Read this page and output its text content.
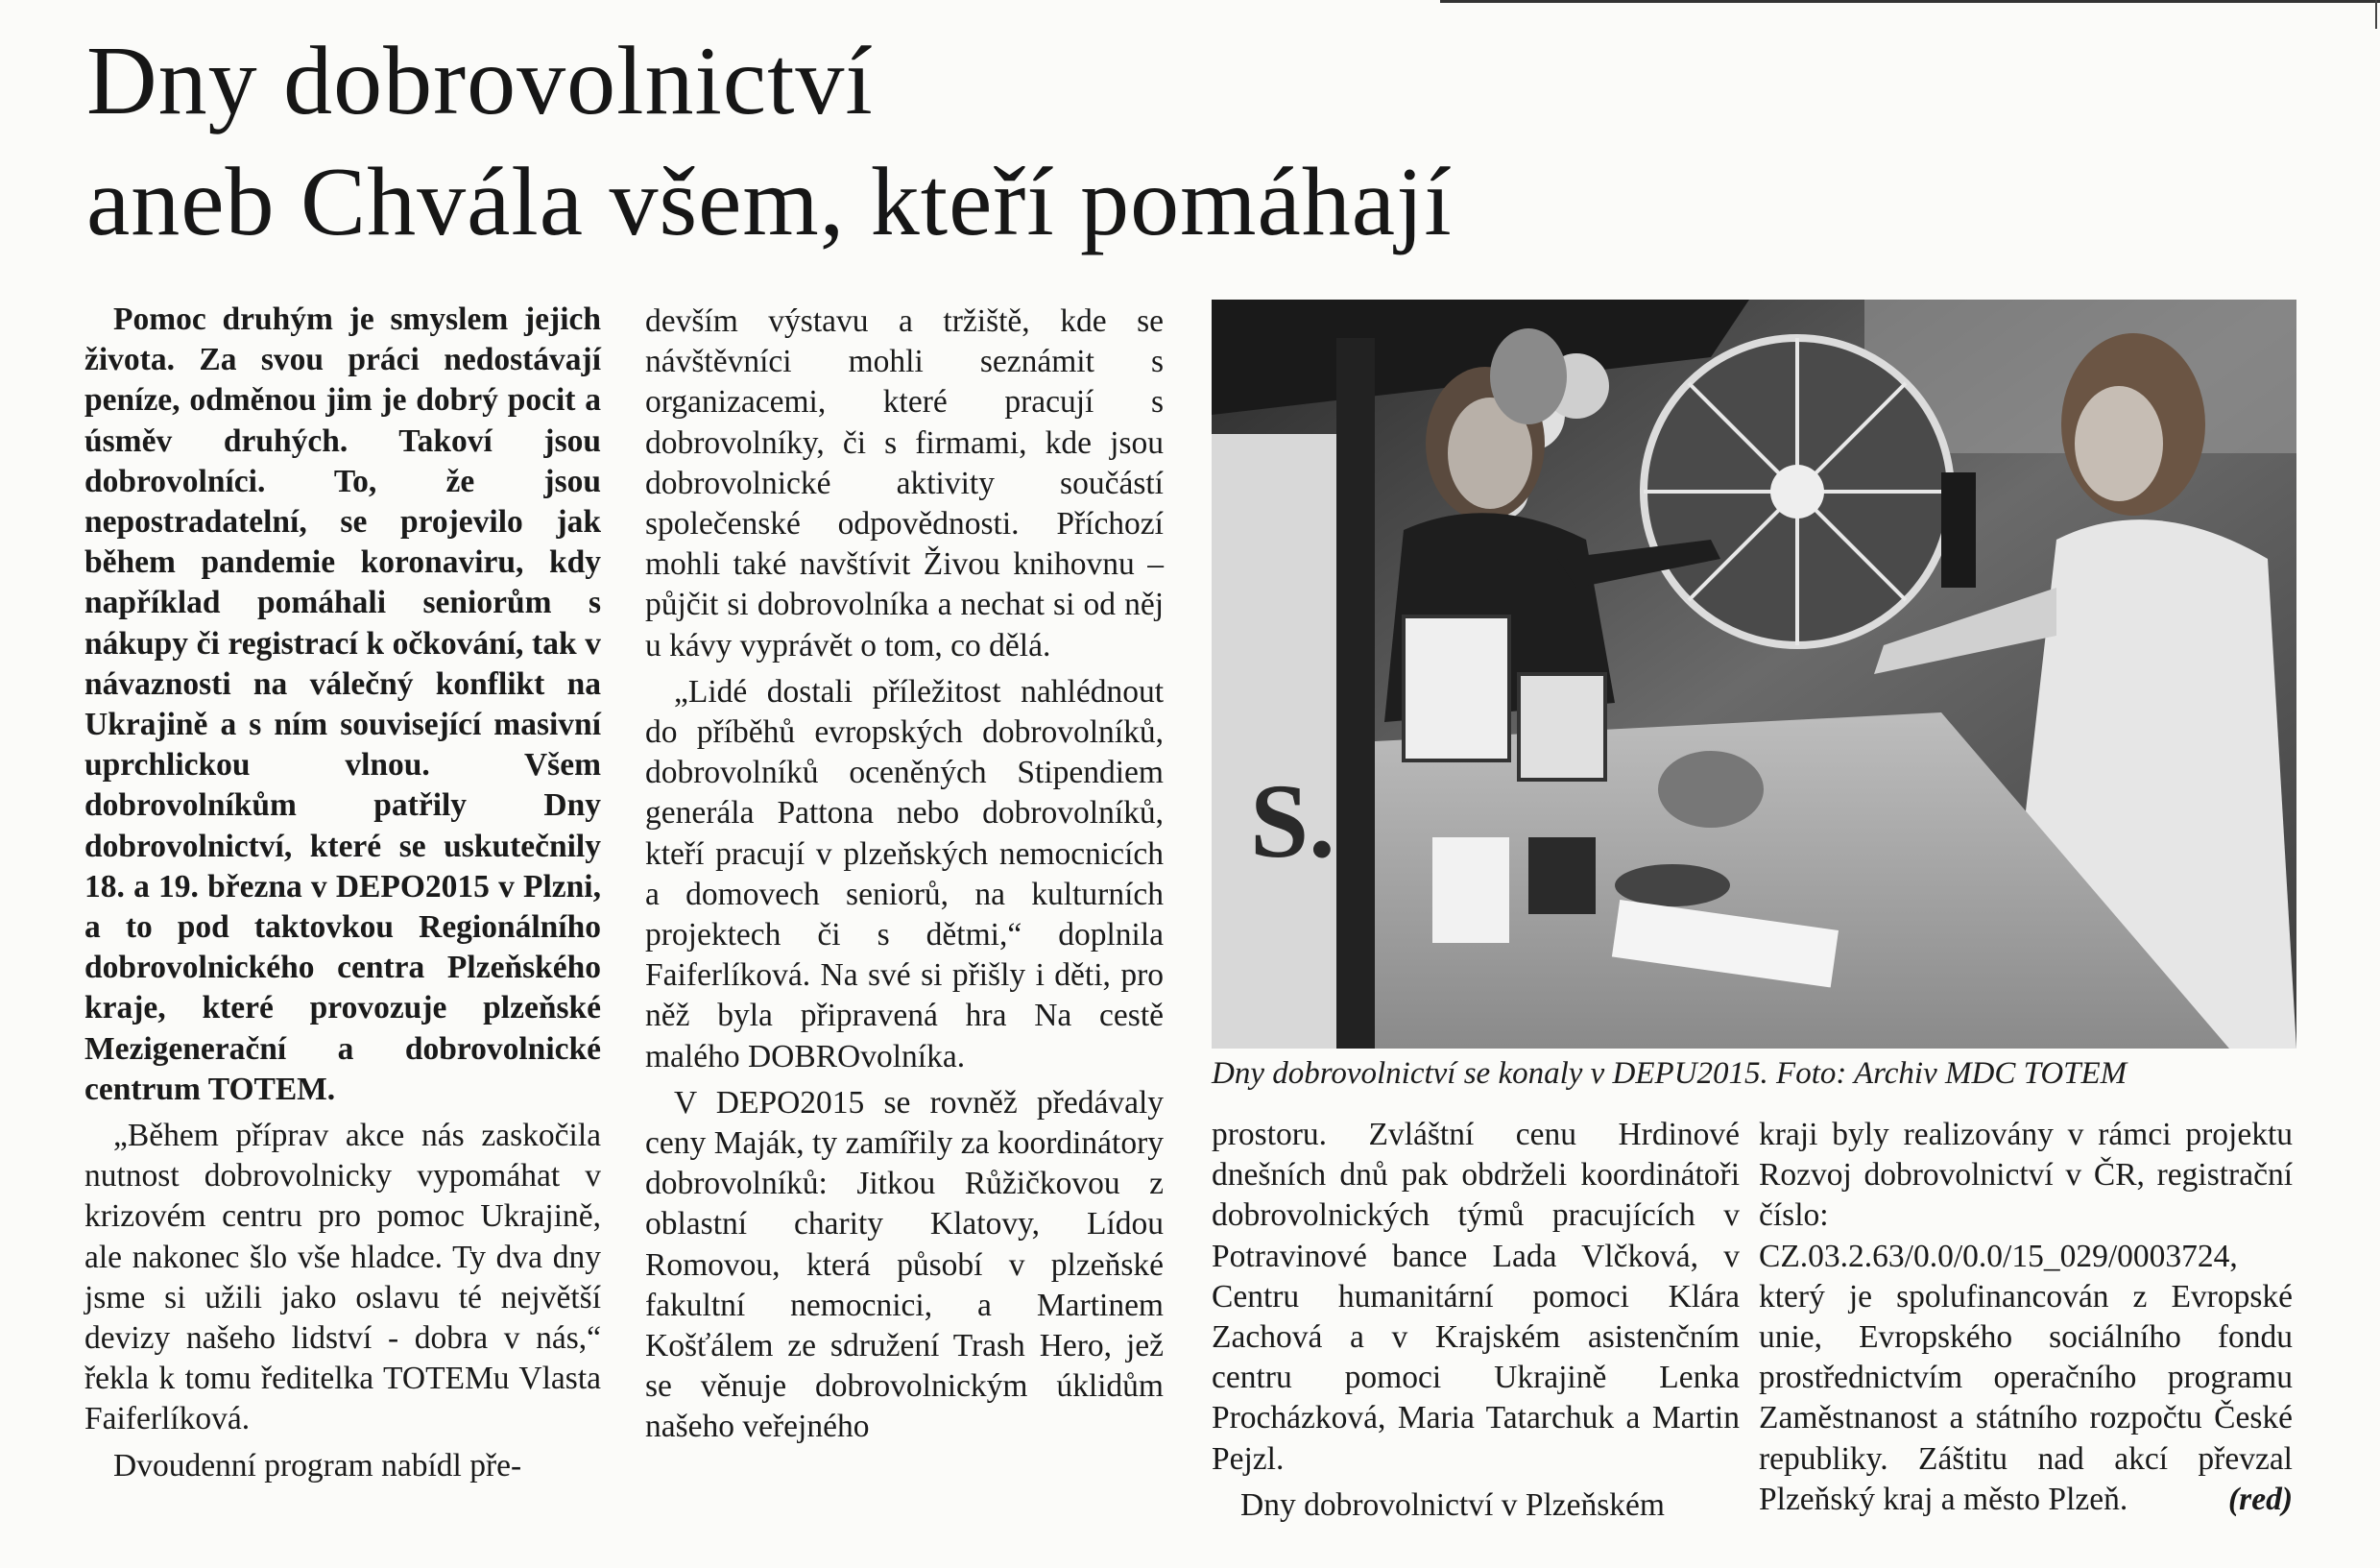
Dny dobrovolnictví
aneb Chvála všem, kteří pomáhají

Pomoc druhým je smyslem jejich života. Za svou práci nedostávají peníze, odměnou jim je dobrý pocit a úsměv druhých. Takoví jsou dobrovolníci. To, že jsou nepostradatelní, se projevilo jak během pandemie koronaviru, kdy například pomáhali seniorům s nákupy či registrací k očkování, tak v návaznosti na válečný konflikt na Ukrajině a s ním související masivní uprchlickou vlnou. Všem dobrovolníkům patřily Dny dobrovolnictví, které se uskutečnily 18. a 19. března v DEPO2015 v Plzni, a to pod taktovkou Regionálního dobrovolnického centra Plzeňského kraje, které provozuje plzeňské Mezigenerační a dobrovolnické centrum TOTEM.

„Během příprav akce nás zaskočila nutnost dobrovolnicky vypomáhat v krizovém centru pro pomoc Ukrajině, ale nakonec šlo vše hladce. Ty dva dny jsme si užili jako oslavu té největší devizy našeho lidství - dobra v nás,“ řekla k tomu ředitelka TOTEMu Vlasta Faiferlíková.

Dvoudenní program nabídl pře-

devším výstavu a tržiště, kde se návštěvníci mohli seznámit s organizacemi, které pracují s dobrovolníky, či s firmami, kde jsou dobrovolnické aktivity součástí společenské odpovědnosti. Příchozí mohli také navštívit Živou knihovnu – půjčit si dobrovolníka a nechat si od něj u kávy vyprávět o tom, co dělá.

„Lidé dostali příležitost nahlédnout do příběhů evropských dobrovolníků, dobrovolníků oceněných Stipendiem generála Pattona nebo dobrovolníků, kteří pracují v plzeňských nemocnicích a domovech seniorů, na kulturních projektech či s dětmi,“ doplnila Faiferlíková. Na své si přišly i děti, pro něž byla připravená hra Na cestě malého DOBROvolníka.

V DEPO2015 se rovněž předávaly ceny Maják, ty zamířily za koordinátory dobrovolníků: Jitkou Růžičkovou z oblastní charity Klatovy, Lídou Romovou, která působí v plzeňské fakultní nemocnici, a Martinem Košťálem ze sdružení Trash Hero, jež se věnuje dobrovolnickým úklidům našeho veřejného

S.
Dny dobrovolnictví se konaly v DEPU2015. Foto: Archiv MDC TOTEM

prostoru. Zvláštní cenu Hrdinové dnešních dnů pak obdrželi koordinátoři dobrovolnických týmů pracujících v Potravinové bance Lada Vlčková, v Centru humanitární pomoci Klára Zachová a v Krajském asistenčním centru pomoci Ukrajině Lenka Procházková, Maria Tatarchuk a Martin Pejzl.

Dny dobrovolnictví v Plzeňském

kraji byly realizovány v rámci projektu Rozvoj dobrovolnictví v ČR, registrační číslo: CZ.03.2.63/0.0/0.0/15_029/0003724, který je spolufinancován z Evropské unie, Evropského sociálního fondu prostřednictvím operačního programu Zaměstnanost a státního rozpočtu České republiky. Záštitu nad akcí převzal Plzeňský kraj a město Plzeň.	(red)
